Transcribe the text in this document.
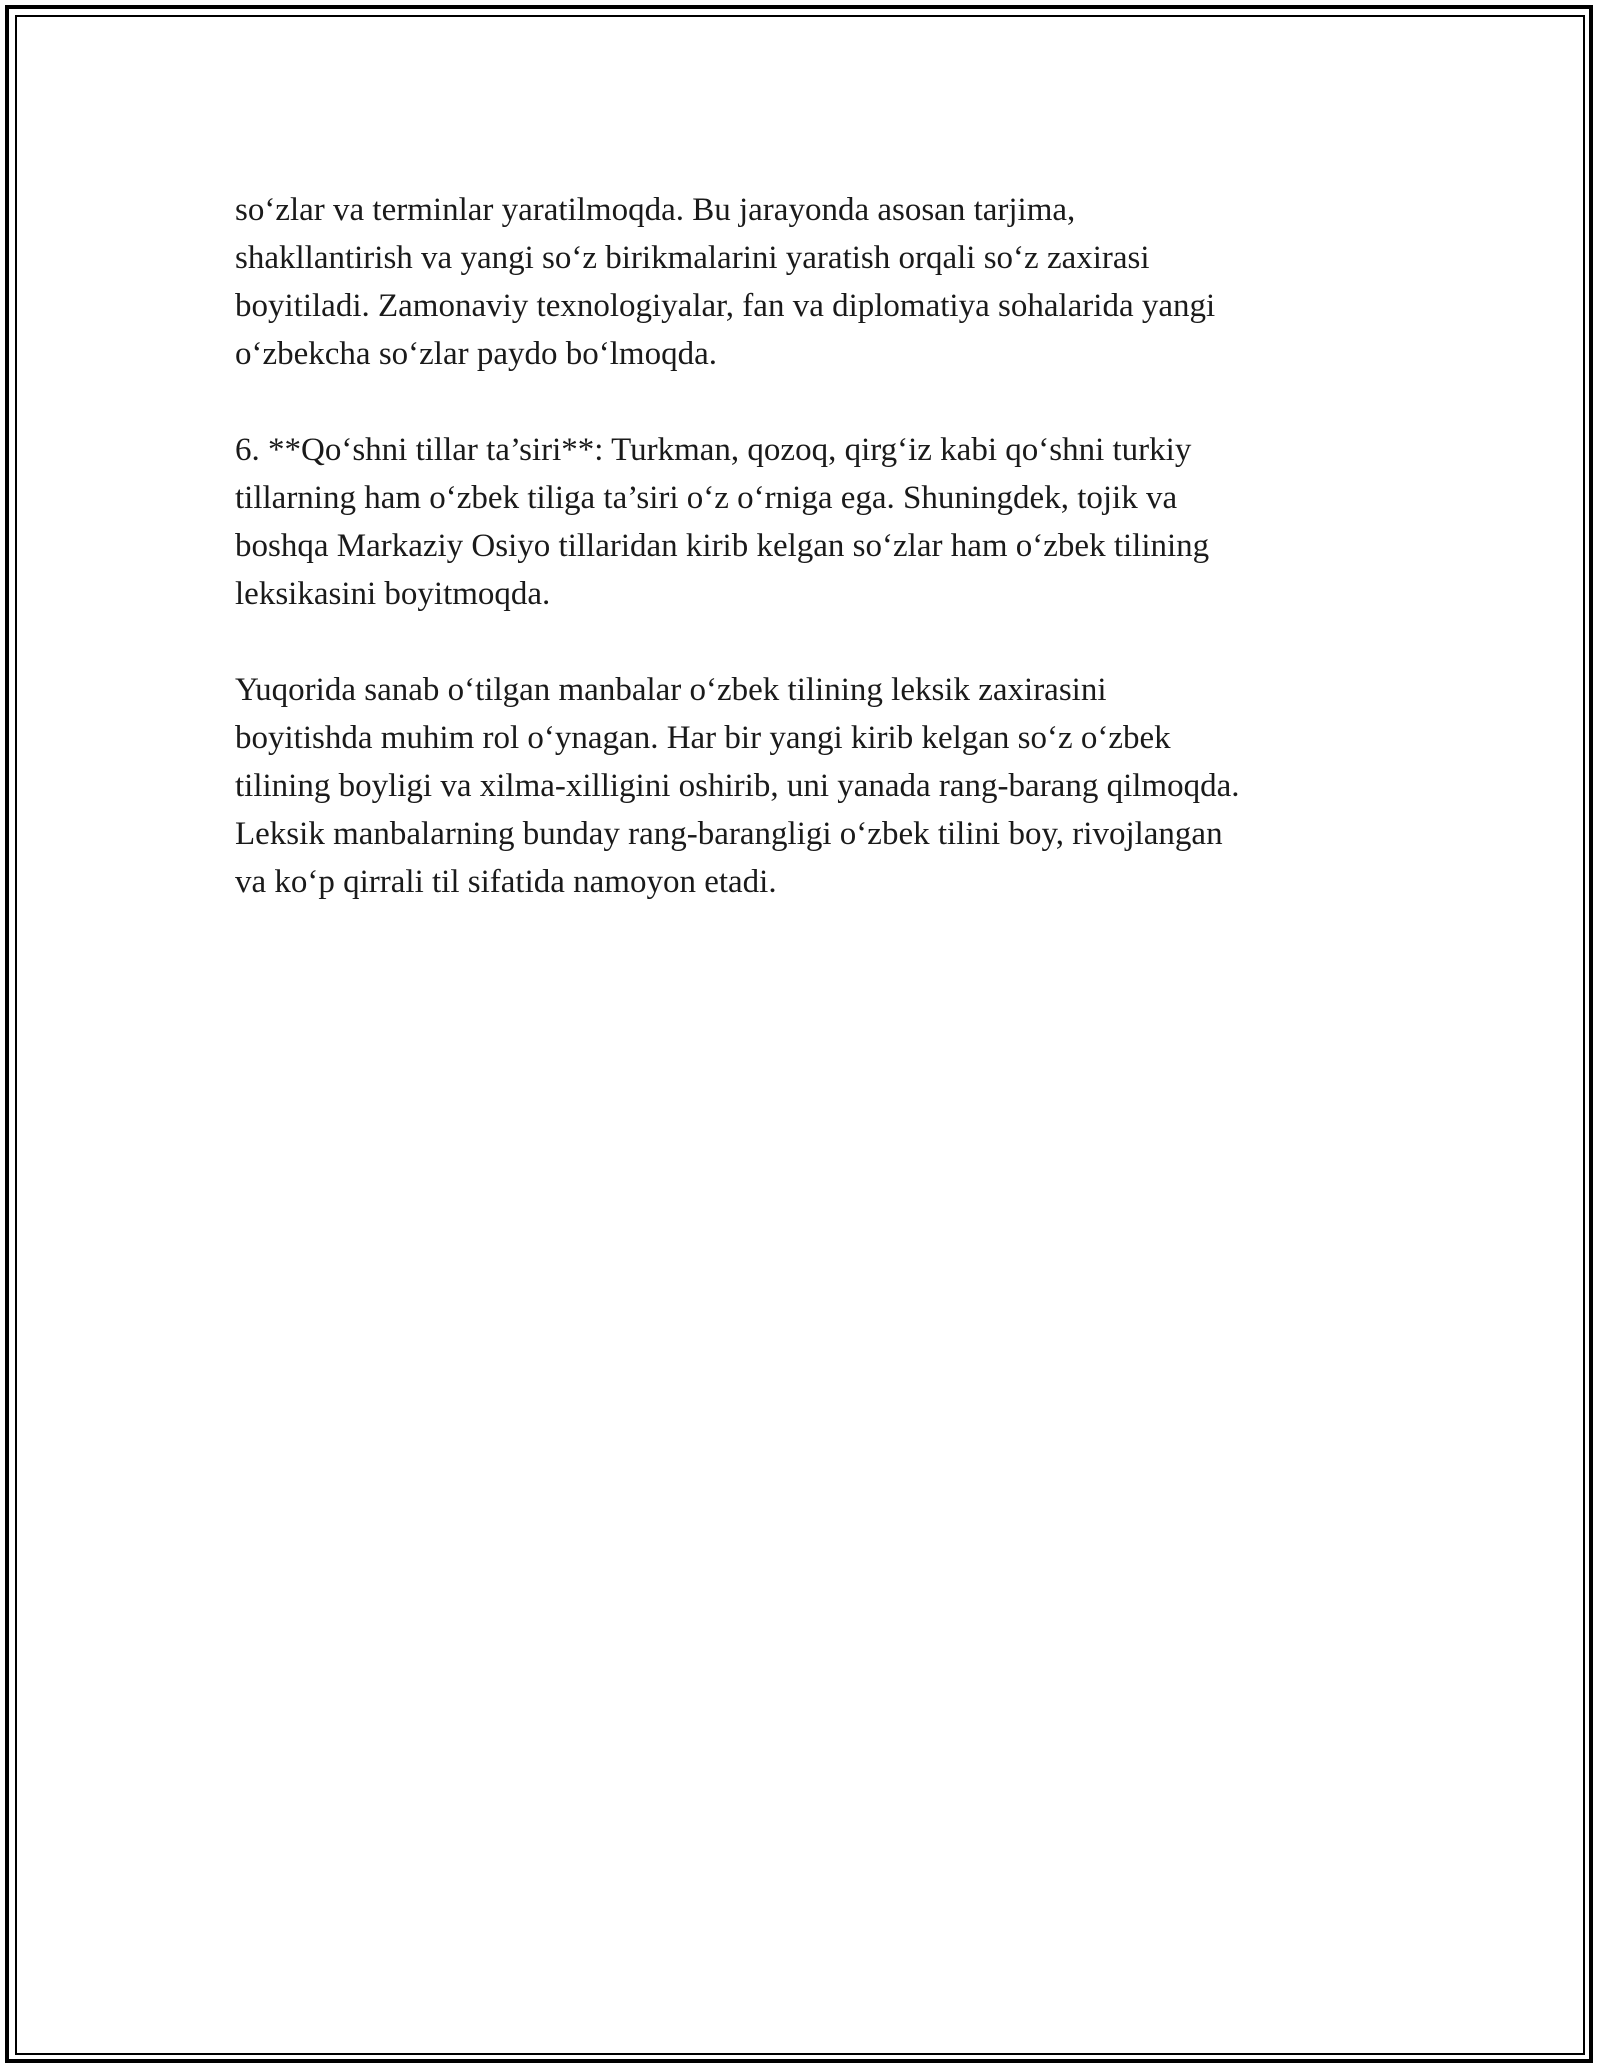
so‘zlar va terminlar yaratilmoqda. Bu jarayonda asosan tarjima,
shakllantirish va yangi so‘z birikmalarini yaratish orqali so‘z zaxirasi
boyitiladi. Zamonaviy texnologiyalar, fan va diplomatiya sohalarida yangi
o‘zbekcha so‘zlar paydo bo‘lmoqda.

6. **Qo‘shni tillar ta’siri**: Turkman, qozoq, qirg‘iz kabi qo‘shni turkiy
tillarning ham o‘zbek tiliga ta’siri o‘z o‘rniga ega. Shuningdek, tojik va
boshqa Markaziy Osiyo tillaridan kirib kelgan so‘zlar ham o‘zbek tilining
leksikasini boyitmoqda.

Yuqorida sanab o‘tilgan manbalar o‘zbek tilining leksik zaxirasini
boyitishda muhim rol o‘ynagan. Har bir yangi kirib kelgan so‘z o‘zbek
tilining boyligi va xilma-xilligini oshirib, uni yanada rang-barang qilmoqda.
Leksik manbalarning bunday rang-barangligi o‘zbek tilini boy, rivojlangan
va ko‘p qirrali til sifatida namoyon etadi.
